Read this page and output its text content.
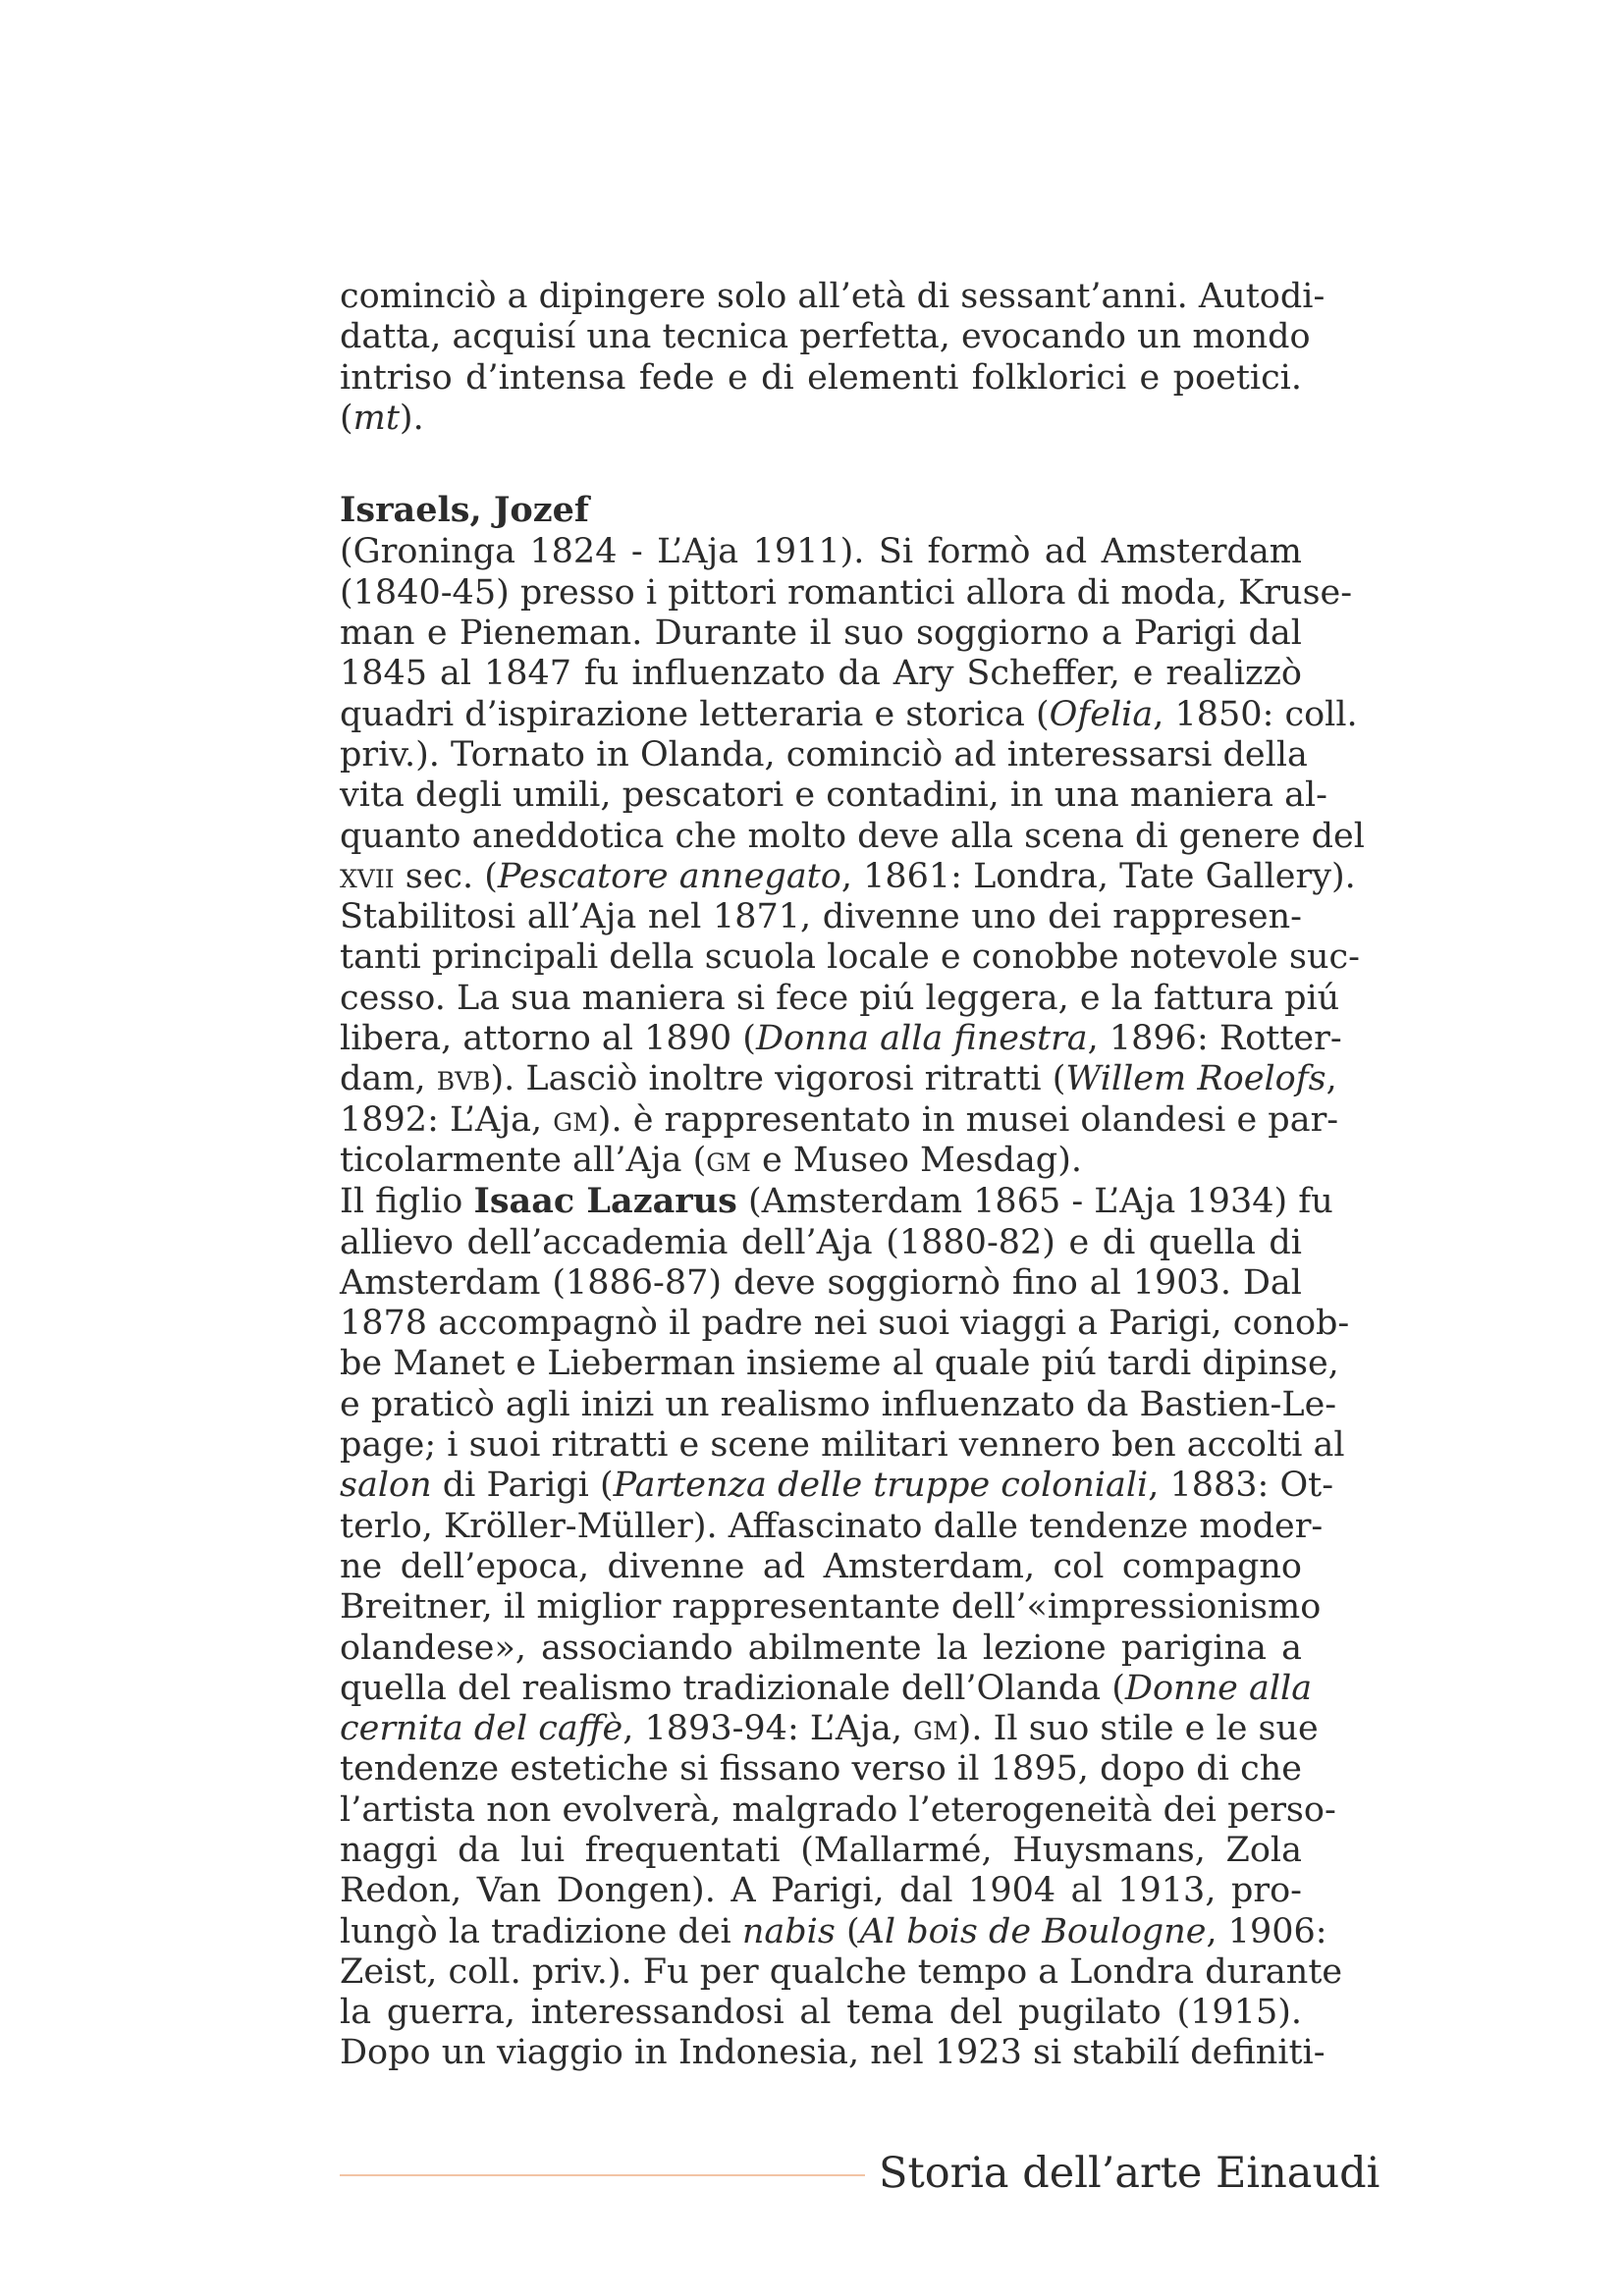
cominciò a dipingere solo all’età di sessant’anni. Autodi-
datta, acquisí una tecnica perfetta, evocando un mondo
intriso d’intensa fede e di elementi folklorici e poetici.
(mt).

Israels, Jozef

(Groninga 1824 - L’Aja 1911). Si formò ad Amsterdam
(1840-45) presso i pittori romantici allora di moda, Kruse-
man e Pieneman. Durante il suo soggiorno a Parigi dal
1845 al 1847 fu influenzato da Ary Scheffer, e realizzò
quadri d’ispirazione letteraria e storica (Ofelia, 1850: coll.
priv.). Tornato in Olanda, cominciò ad interessarsi della
vita degli umili, pescatori e contadini, in una maniera al-
quanto aneddotica che molto deve alla scena di genere del
xvii sec. (Pescatore annegato, 1861: Londra, Tate Gallery).
Stabilitosi all’Aja nel 1871, divenne uno dei rappresen-
tanti principali della scuola locale e conobbe notevole suc-
cesso. La sua maniera si fece piú leggera, e la fattura piú
libera, attorno al 1890 (Donna alla finestra, 1896: Rotter-
dam, bvb). Lasciò inoltre vigorosi ritratti (Willem Roelofs,
1892: L’Aja, gm). è rappresentato in musei olandesi e par-
ticolarmente all’Aja (gm e Museo Mesdag).

Il figlio Isaac Lazarus (Amsterdam 1865 - L’Aja 1934) fu
allievo dell’accademia dell’Aja (1880-82) e di quella di
Amsterdam (1886-87) deve soggiornò fino al 1903. Dal
1878 accompagnò il padre nei suoi viaggi a Parigi, conob-
be Manet e Lieberman insieme al quale piú tardi dipinse,
e praticò agli inizi un realismo influenzato da Bastien-Le-
page; i suoi ritratti e scene militari vennero ben accolti al
salon di Parigi (Partenza delle truppe coloniali, 1883: Ot-
terlo, Kröller-Müller). Affascinato dalle tendenze moder-
ne dell’epoca, divenne ad Amsterdam, col compagno
Breitner, il miglior rappresentante dell’«impressionismo
olandese», associando abilmente la lezione parigina a
quella del realismo tradizionale dell’Olanda (Donne alla
cernita del caffè, 1893-94: L’Aja, gm). Il suo stile e le sue
tendenze estetiche si fissano verso il 1895, dopo di che
l’artista non evolverà, malgrado l’eterogeneità dei perso-
naggi da lui frequentati (Mallarmé, Huysmans, Zola
Redon, Van Dongen). A Parigi, dal 1904 al 1913, pro-
lungò la tradizione dei nabis (Al bois de Boulogne, 1906:
Zeist, coll. priv.). Fu per qualche tempo a Londra durante
la guerra, interessandosi al tema del pugilato (1915).
Dopo un viaggio in Indonesia, nel 1923 si stabilí definiti-

Storia dell’arte Einaudi
